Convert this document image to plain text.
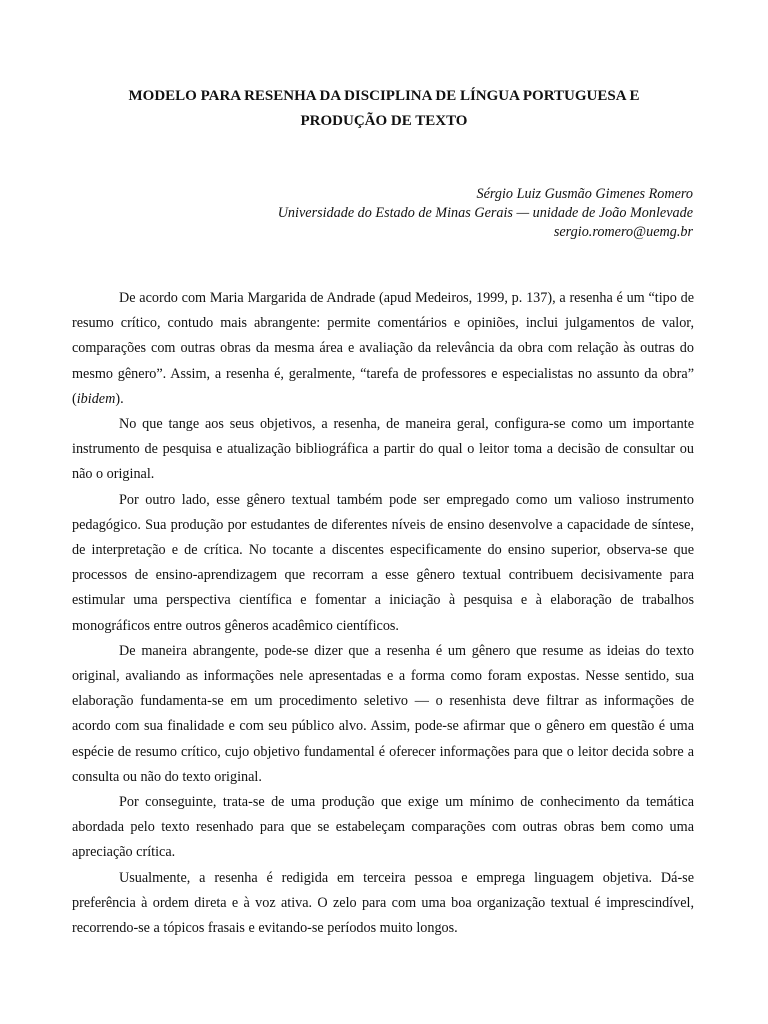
MODELO PARA RESENHA DA DISCIPLINA DE LÍNGUA PORTUGUESA E
PRODUÇÃO DE TEXTO
Sérgio Luiz Gusmão Gimenes Romero
Universidade do Estado de Minas Gerais — unidade de João Monlevade
sergio.romero@uemg.br

De acordo com Maria Margarida de Andrade (apud Medeiros, 1999, p. 137), a resenha é um “tipo de resumo crítico, contudo mais abrangente: permite comentários e opiniões, inclui julgamentos de valor, comparações com outras obras da mesma área e avaliação da relevância da obra com relação às outras do mesmo gênero”. Assim, a resenha é, geralmente, “tarefa de professores e especialistas no assunto da obra” (ibidem).

No que tange aos seus objetivos, a resenha, de maneira geral, configura-se como um importante instrumento de pesquisa e atualização bibliográfica a partir do qual o leitor toma a decisão de consultar ou não o original.

Por outro lado, esse gênero textual também pode ser empregado como um valioso instrumento pedagógico. Sua produção por estudantes de diferentes níveis de ensino desenvolve a capacidade de síntese, de interpretação e de crítica. No tocante a discentes especificamente do ensino superior, observa-se que processos de ensino-aprendizagem que recorram a esse gênero textual contribuem decisivamente para estimular uma perspectiva científica e fomentar a iniciação à pesquisa e à elaboração de trabalhos monográficos entre outros gêneros acadêmico científicos.

De maneira abrangente, pode-se dizer que a resenha é um gênero que resume as ideias do texto original, avaliando as informações nele apresentadas e a forma como foram expostas. Nesse sentido, sua elaboração fundamenta-se em um procedimento seletivo — o resenhista deve filtrar as informações de acordo com sua finalidade e com seu público alvo. Assim, pode-se afirmar que o gênero em questão é uma espécie de resumo crítico, cujo objetivo fundamental é oferecer informações para que o leitor decida sobre a consulta ou não do texto original.

Por conseguinte, trata-se de uma produção que exige um mínimo de conhecimento da temática abordada pelo texto resenhado para que se estabeleçam comparações com outras obras bem como uma apreciação crítica.

Usualmente, a resenha é redigida em terceira pessoa e emprega linguagem objetiva. Dá-se preferência à ordem direta e à voz ativa. O zelo para com uma boa organização textual é imprescindível, recorrendo-se a tópicos frasais e evitando-se períodos muito longos.
